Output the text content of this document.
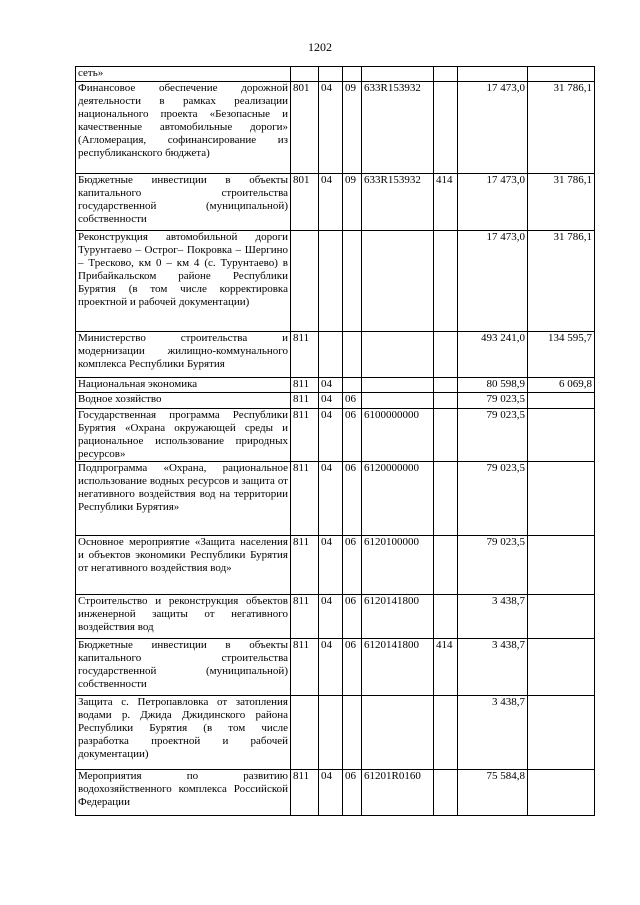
1202
сеть»							
Финансовое обеспечение дорожной деятельности в рамках реализации национального проекта «Безопасные и качественные автомобильные дороги» (Агломерация, софинансирование из республиканского бюджета)	801	04	09	633R153932		17 473,0	31 786,1
Бюджетные инвестиции в объекты капитального строительства государственной (муниципальной) собственности	801	04	09	633R153932	414	17 473,0	31 786,1
Реконструкция автомобильной дороги Турунтаево – Острог– Покровка – Шергино – Тресково, км 0 – км 4 (с. Турунтаево) в Прибайкальском районе Республики Бурятия (в том числе корректировка проектной и рабочей документации)						17 473,0	31 786,1
Министерство строительства и модернизации жилищно-коммунального комплекса Республики Бурятия	811					493 241,0	134 595,7
Национальная экономика	811	04				80 598,9	6 069,8
Водное хозяйство	811	04	06			79 023,5	
Государственная программа Республики Бурятия «Охрана окружающей среды и рациональное использование природных ресурсов»	811	04	06	6100000000		79 023,5	
Подпрограмма «Охрана, рациональное использование водных ресурсов и защита от негативного воздействия вод на территории Республики Бурятия»	811	04	06	6120000000		79 023,5	
Основное мероприятие «Защита населения и объектов экономики Республики Бурятия от негативного воздействия вод»	811	04	06	6120100000		79 023,5	
Строительство и реконструкция объектов инженерной защиты от негативного воздействия вод	811	04	06	6120141800		3 438,7	
Бюджетные инвестиции в объекты капитального строительства государственной (муниципальной) собственности	811	04	06	6120141800	414	3 438,7	
Защита с. Петропавловка от затопления водами р. Джида Джидинского района Республики Бурятия (в том числе разработка проектной и рабочей документации)						3 438,7	
Мероприятия по развитию водохозяйственного комплекса Российской Федерации	811	04	06	61201R0160		75 584,8	
